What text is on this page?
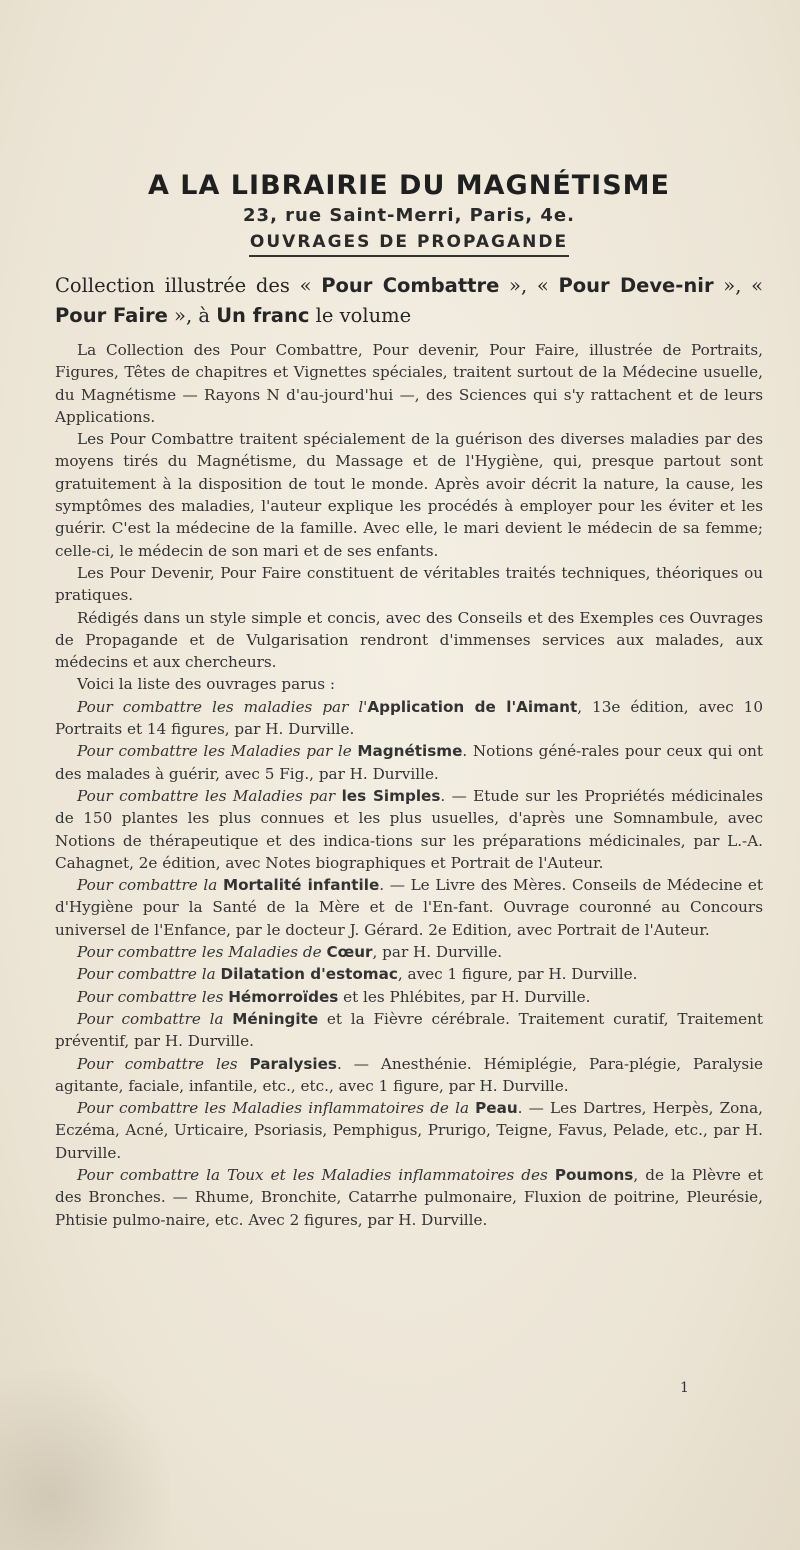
A LA LIBRAIRIE DU MAGNÉTISME
23, rue Saint-Merri, Paris, 4e.
OUVRAGES DE PROPAGANDE
Collection illustrée des « Pour Combattre », « Pour Deve-nir », « Pour Faire », à Un franc le volume

La Collection des Pour Combattre, Pour devenir, Pour Faire, illustrée de Portraits, Figures, Têtes de chapitres et Vignettes spéciales, traitent surtout de la Médecine usuelle, du Magnétisme — Rayons N d'au-jourd'hui —, des Sciences qui s'y rattachent et de leurs Applications.

Les Pour Combattre traitent spécialement de la guérison des diverses maladies par des moyens tirés du Magnétisme, du Massage et de l'Hygiène, qui, presque partout sont gratuitement à la disposition de tout le monde. Après avoir décrit la nature, la cause, les symptômes des maladies, l'auteur explique les procédés à employer pour les éviter et les guérir. C'est la médecine de la famille. Avec elle, le mari devient le médecin de sa femme; celle-ci, le médecin de son mari et de ses enfants.

Les Pour Devenir, Pour Faire constituent de véritables traités techniques, théoriques ou pratiques.

Rédigés dans un style simple et concis, avec des Conseils et des Exemples ces Ouvrages de Propagande et de Vulgarisation rendront d'immenses services aux malades, aux médecins et aux chercheurs.

Voici la liste des ouvrages parus :

Pour combattre les maladies par l'Application de l'Aimant, 13e édition, avec 10 Portraits et 14 figures, par H. Durville.

Pour combattre les Maladies par le Magnétisme. Notions géné-rales pour ceux qui ont des malades à guérir, avec 5 Fig., par H. Durville.

Pour combattre les Maladies par les Simples. — Etude sur les Propriétés médicinales de 150 plantes les plus connues et les plus usuelles, d'après une Somnambule, avec Notions de thérapeutique et des indica-tions sur les préparations médicinales, par L.-A. Cahagnet, 2e édition, avec Notes biographiques et Portrait de l'Auteur.

Pour combattre la Mortalité infantile. — Le Livre des Mères. Conseils de Médecine et d'Hygiène pour la Santé de la Mère et de l'En-fant. Ouvrage couronné au Concours universel de l'Enfance, par le docteur J. Gérard. 2e Edition, avec Portrait de l'Auteur.

Pour combattre les Maladies de Cœur, par H. Durville.

Pour combattre la Dilatation d'estomac, avec 1 figure, par H. Durville.

Pour combattre les Hémorroïdes et les Phlébites, par H. Durville.

Pour combattre la Méningite et la Fièvre cérébrale. Traitement curatif, Traitement préventif, par H. Durville.

Pour combattre les Paralysies. — Anesthénie. Hémiplégie, Para-plégie, Paralysie agitante, faciale, infantile, etc., etc., avec 1 figure, par H. Durville.

Pour combattre les Maladies inflammatoires de la Peau. — Les Dartres, Herpès, Zona, Eczéma, Acné, Urticaire, Psoriasis, Pemphigus, Prurigo, Teigne, Favus, Pelade, etc., par H. Durville.

Pour combattre la Toux et les Maladies inflammatoires des Poumons, de la Plèvre et des Bronches. — Rhume, Bronchite, Catarrhe pulmonaire, Fluxion de poitrine, Pleurésie, Phtisie pulmo-naire, etc. Avec 2 figures, par H. Durville.

1
